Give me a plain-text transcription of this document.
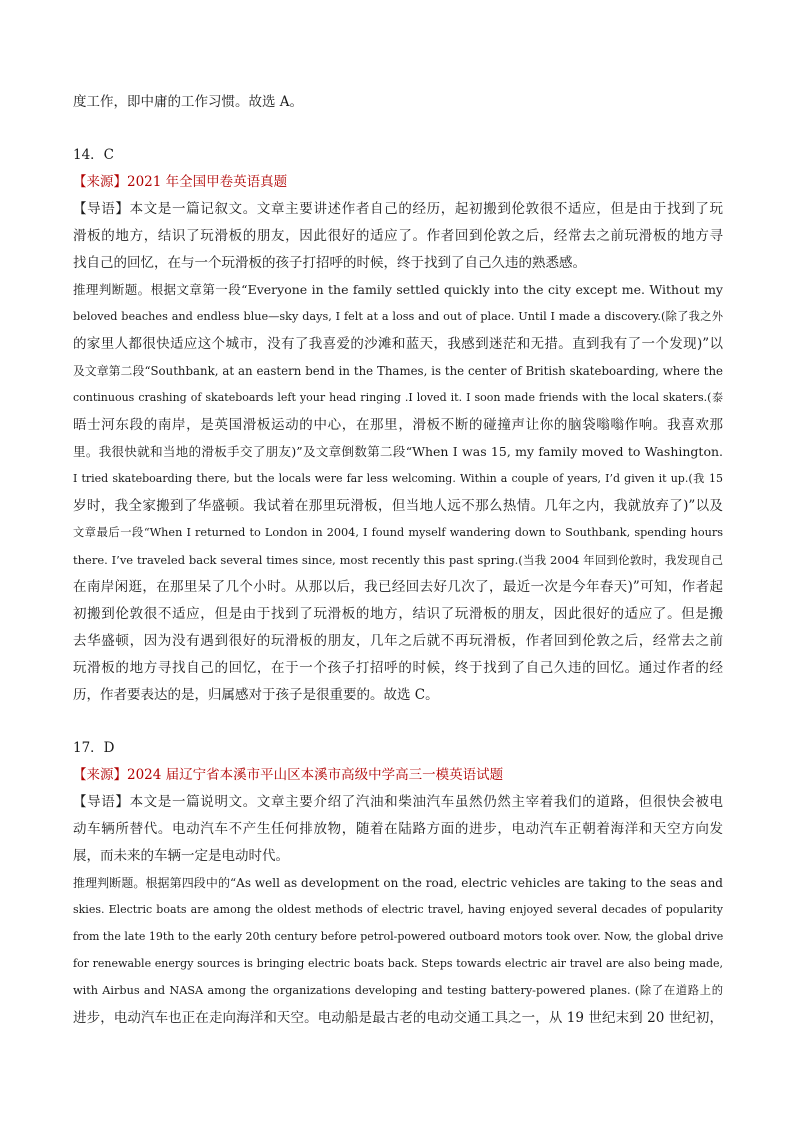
度工作，即中庸的工作习惯。故选 A。
14．C
【来源】2021 年全国甲卷英语真题
【导语】本文是一篇记叙文。文章主要讲述作者自己的经历，起初搬到伦敦很不适应，但是由于找到了玩
滑板的地方，结识了玩滑板的朋友，因此很好的适应了。作者回到伦敦之后，经常去之前玩滑板的地方寻
找自己的回忆，在与一个玩滑板的孩子打招呼的时候，终于找到了自己久违的熟悉感。
推理判断题。根据文章第一段“Everyone in the family settled quickly into the city except me. Without my
beloved beaches and endless blue—sky days, I felt at a loss and out of place. Until I made a discovery.(除了我之外
的家里人都很快适应这个城市，没有了我喜爱的沙滩和蓝天，我感到迷茫和无措。直到我有了一个发现)”以
及文章第二段“Southbank, at an eastern bend in the Thames, is the center of British skateboarding, where the
continuous crashing of skateboards left your head ringing .I loved it. I soon made friends with the local skaters.(泰
晤士河东段的南岸，是英国滑板运动的中心，在那里，滑板不断的碰撞声让你的脑袋嗡嗡作响。我喜欢那
里。我很快就和当地的滑板手交了朋友)”及文章倒数第二段“When I was 15, my family moved to Washington.
I tried skateboarding there, but the locals were far less welcoming. Within a couple of years, I’d given it up.(我 15
岁时，我全家搬到了华盛顿。我试着在那里玩滑板，但当地人远不那么热情。几年之内，我就放弃了)”以及
文章最后一段“When I returned to London in 2004, I found myself wandering down to Southbank, spending hours
there. I’ve traveled back several times since, most recently this past spring.(当我 2004 年回到伦敦时，我发现自己
在南岸闲逛，在那里呆了几个小时。从那以后，我已经回去好几次了，最近一次是今年春天)”可知，作者起
初搬到伦敦很不适应，但是由于找到了玩滑板的地方，结识了玩滑板的朋友，因此很好的适应了。但是搬
去华盛顿，因为没有遇到很好的玩滑板的朋友，几年之后就不再玩滑板，作者回到伦敦之后，经常去之前
玩滑板的地方寻找自己的回忆，在于一个孩子打招呼的时候，终于找到了自己久违的回忆。通过作者的经
历，作者要表达的是，归属感对于孩子是很重要的。故选 C。
17．D
【来源】2024 届辽宁省本溪市平山区本溪市高级中学高三一模英语试题
【导语】本文是一篇说明文。文章主要介绍了汽油和柴油汽车虽然仍然主宰着我们的道路，但很快会被电
动车辆所替代。电动汽车不产生任何排放物，随着在陆路方面的进步，电动汽车正朝着海洋和天空方向发
展，而未来的车辆一定是电动时代。
推理判断题。根据第四段中的“As well as development on the road, electric vehicles are taking to the seas and
skies. Electric boats are among the oldest methods of electric travel, having enjoyed several decades of popularity
from the late 19th to the early 20th century before petrol-powered outboard motors took over. Now, the global drive
for renewable energy sources is bringing electric boats back. Steps towards electric air travel are also being made,
with Airbus and NASA among the organizations developing and testing battery-powered planes. (除了在道路上的
进步，电动汽车也正在走向海洋和天空。电动船是最古老的电动交通工具之一，从 19 世纪末到 20 世纪初，
